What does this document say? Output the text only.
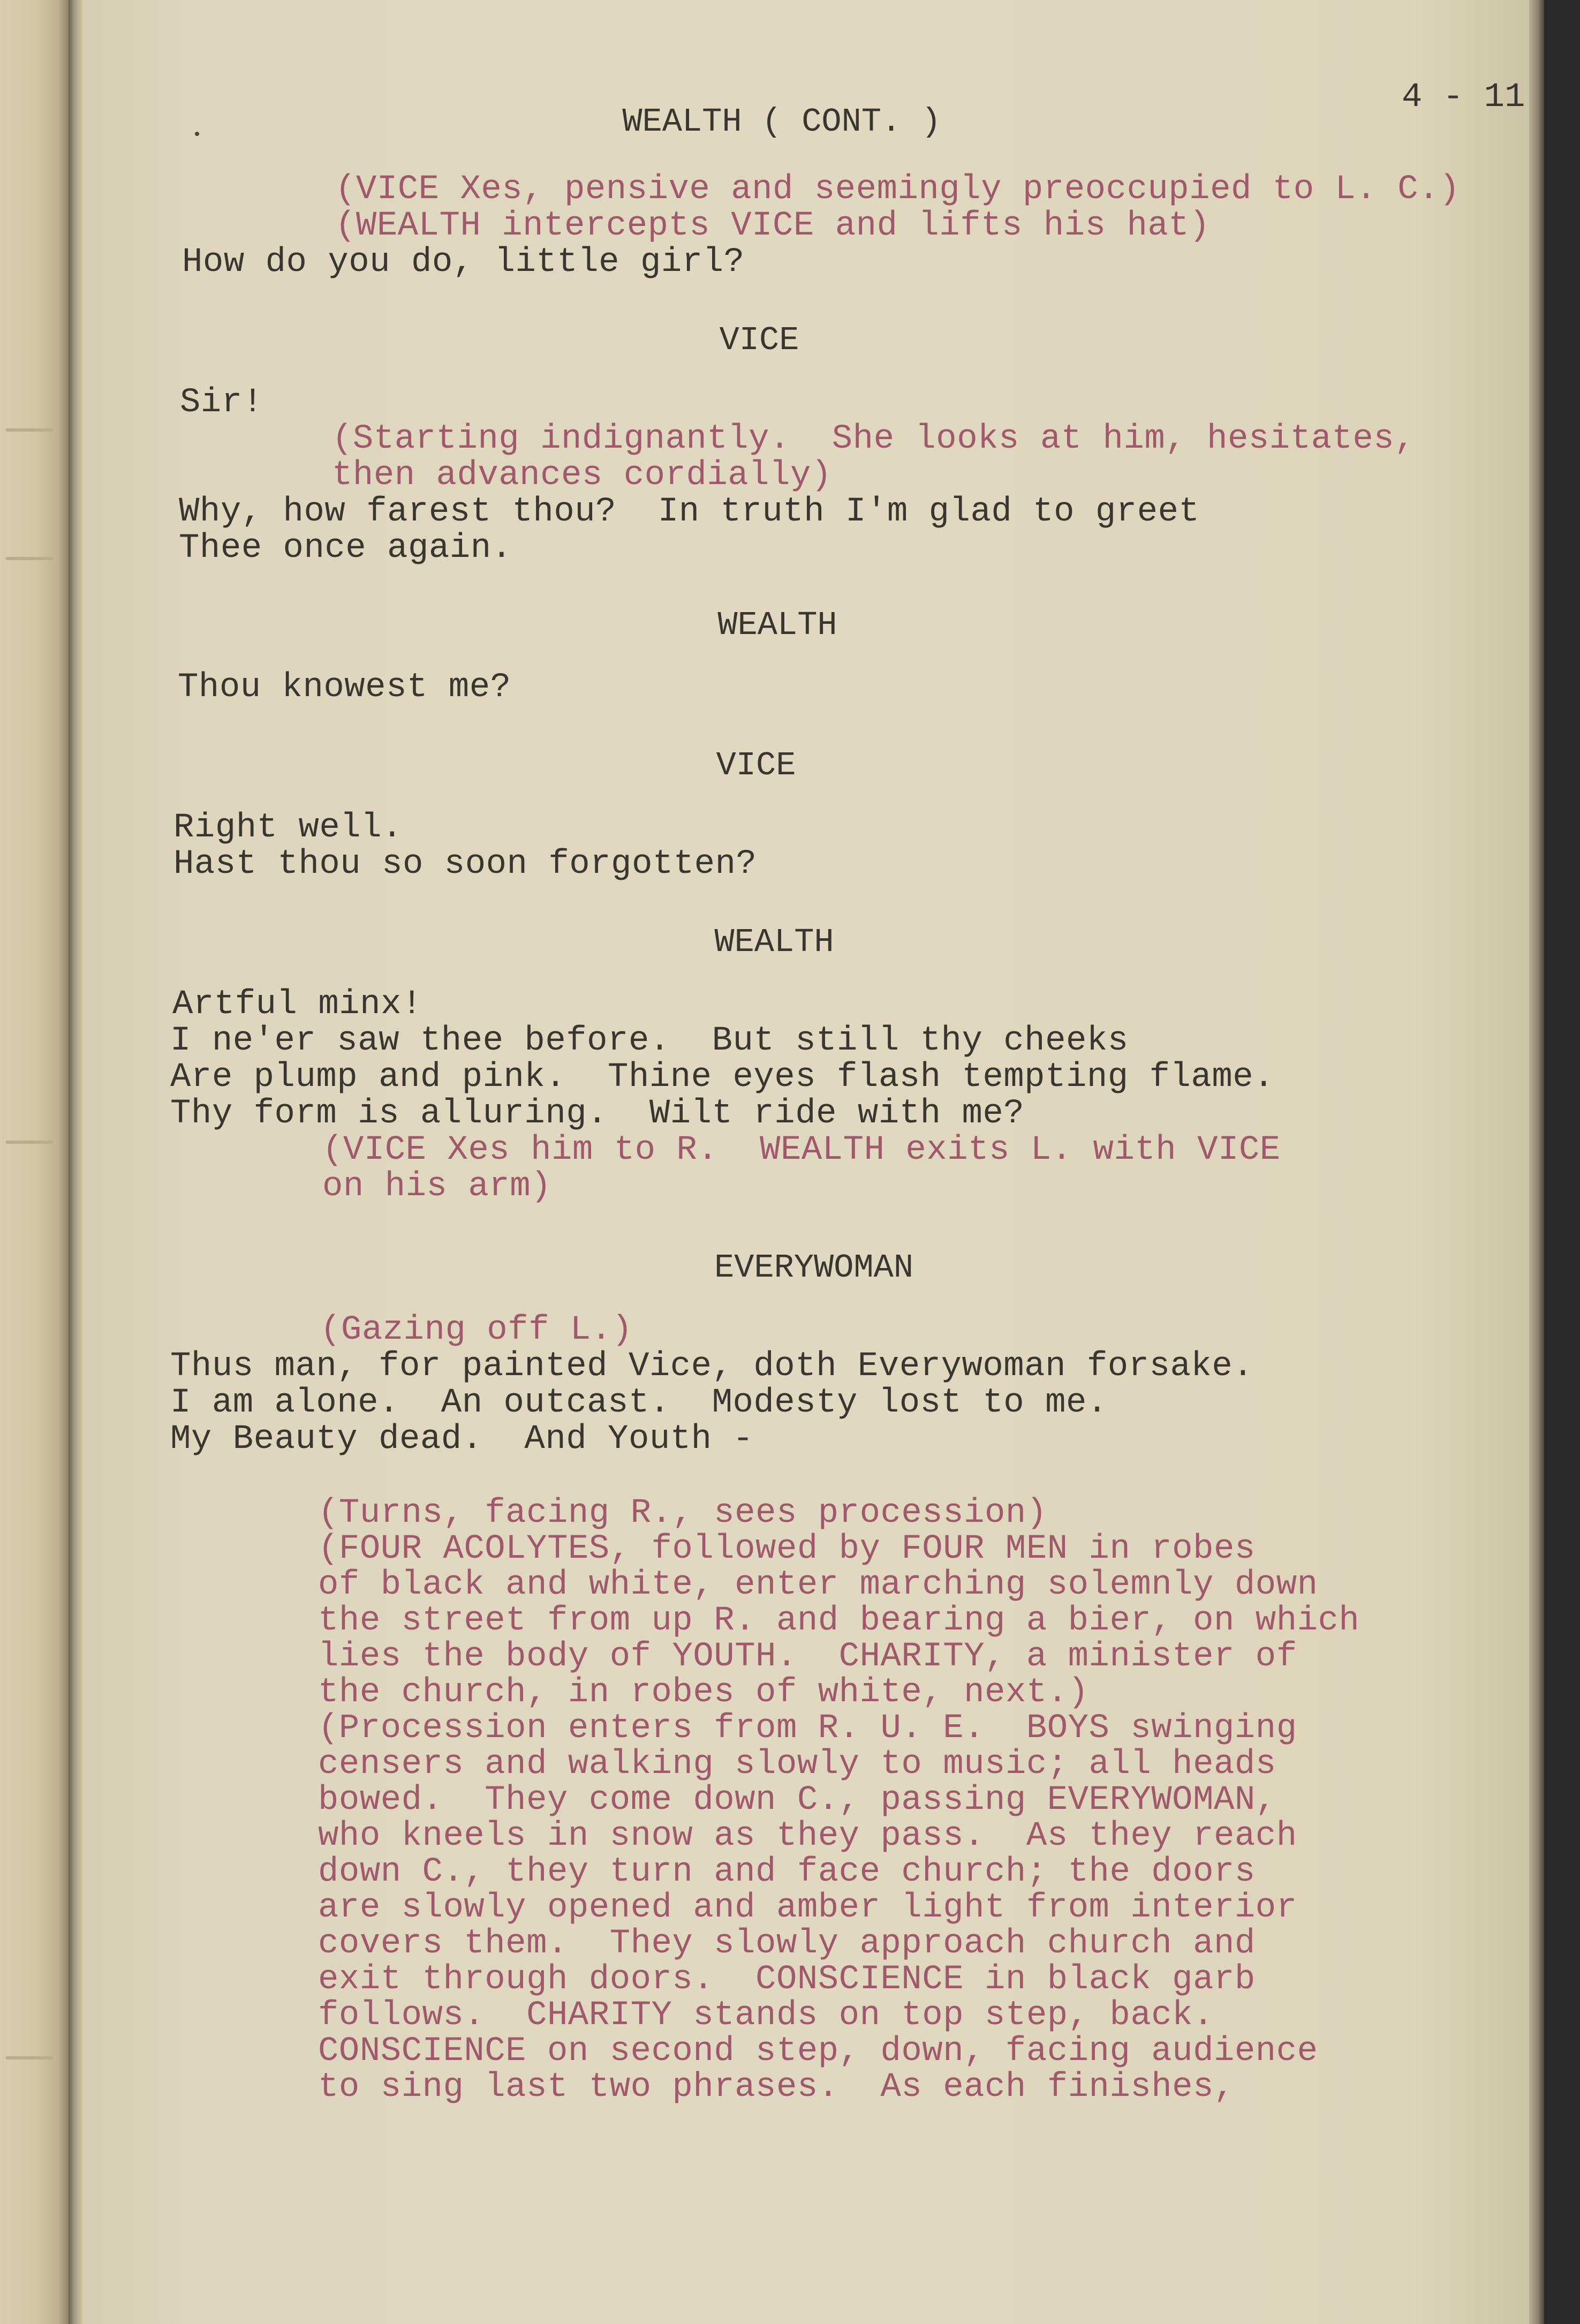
4 - 11
WEALTH ( CONT. )
(VICE Xes, pensive and seemingly preoccupied to L. C.)
(WEALTH intercepts VICE and lifts his hat)
How do you do, little girl?
VICE
Sir!
(Starting indignantly.  She looks at him, hesitates,
then advances cordially)
Why, how farest thou?  In truth I'm glad to greet
Thee once again.
WEALTH
Thou knowest me?
VICE
Right well.
Hast thou so soon forgotten?
WEALTH
Artful minx!
I ne'er saw thee before.  But still thy cheeks
Are plump and pink.  Thine eyes flash tempting flame.
Thy form is alluring.  Wilt ride with me?
(VICE Xes him to R.  WEALTH exits L. with VICE
on his arm)
EVERYWOMAN
(Gazing off L.)
Thus man, for painted Vice, doth Everywoman forsake.
I am alone.  An outcast.  Modesty lost to me.
My Beauty dead.  And Youth -
(Turns, facing R., sees procession)
(FOUR ACOLYTES, followed by FOUR MEN in robes
of black and white, enter marching solemnly down
the street from up R. and bearing a bier, on which
lies the body of YOUTH.  CHARITY, a minister of
the church, in robes of white, next.)
(Procession enters from R. U. E.  BOYS swinging
censers and walking slowly to music; all heads
bowed.  They come down C., passing EVERYWOMAN,
who kneels in snow as they pass.  As they reach
down C., they turn and face church; the doors
are slowly opened and amber light from interior
covers them.  They slowly approach church and
exit through doors.  CONSCIENCE in black garb
follows.  CHARITY stands on top step, back.
CONSCIENCE on second step, down, facing audience
to sing last two phrases.  As each finishes,
